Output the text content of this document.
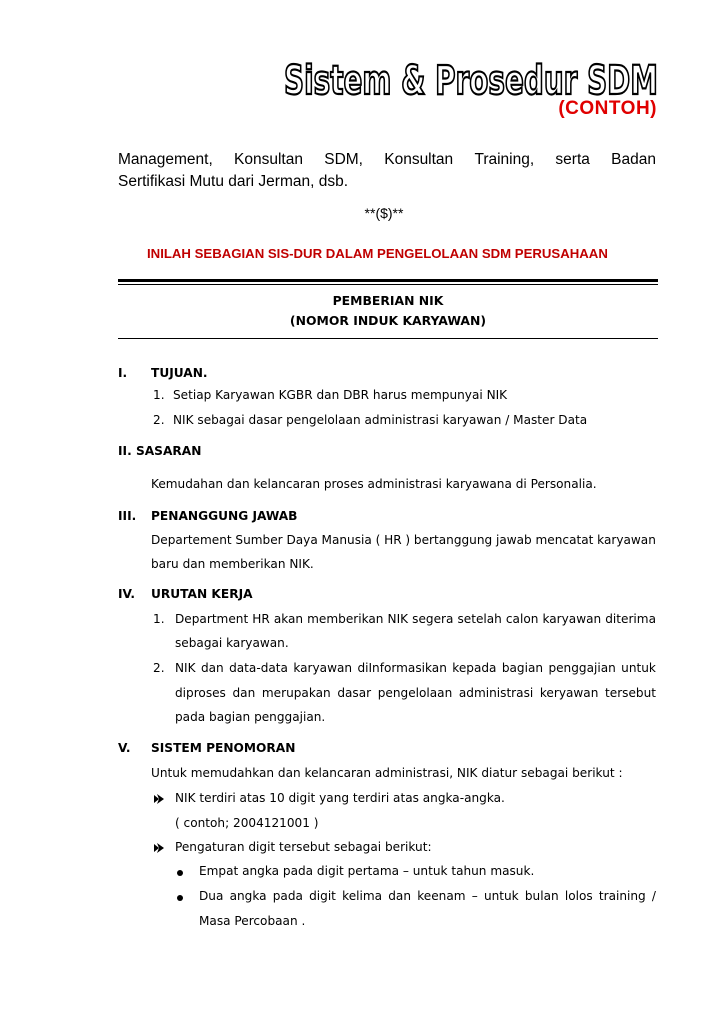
Sistem & Prosedur SDM
(CONTOH)
Management, Konsultan SDM, Konsultan Training, serta Badan
Sertifikasi Mutu dari Jerman, dsb.
**($)**
INILAH SEBAGIAN SIS-DUR DALAM PENGELOLAAN SDM PERUSAHAAN
PEMBERIAN NIK
(NOMOR INDUK KARYAWAN)
I. TUJUAN.
1. Setiap Karyawan KGBR dan DBR harus mempunyai NIK
2. NIK sebagai dasar pengelolaan administrasi karyawan / Master Data
II. SASARAN
Kemudahan dan kelancaran proses administrasi karyawana di Personalia.
III. PENANGGUNG JAWAB
Departement Sumber Daya Manusia ( HR ) bertanggung jawab mencatat karyawan
baru dan memberikan NIK.
IV. URUTAN KERJA
1. Department HR akan memberikan NIK segera setelah calon karyawan diterima
sebagai karyawan.
2. NIK dan data-data karyawan diInformasikan kepada bagian penggajian untuk
diproses dan merupakan dasar pengelolaan administrasi keryawan tersebut
pada bagian penggajian.
V. SISTEM PENOMORAN
Untuk memudahkan dan kelancaran administrasi, NIK diatur sebagai berikut :
NIK terdiri atas 10 digit yang terdiri atas angka-angka.
( contoh; 2004121001 )
Pengaturan digit tersebut sebagai berikut:
Empat angka pada digit pertama – untuk tahun masuk.
Dua angka pada digit kelima dan keenam – untuk bulan lolos training /
Masa Percobaan .
